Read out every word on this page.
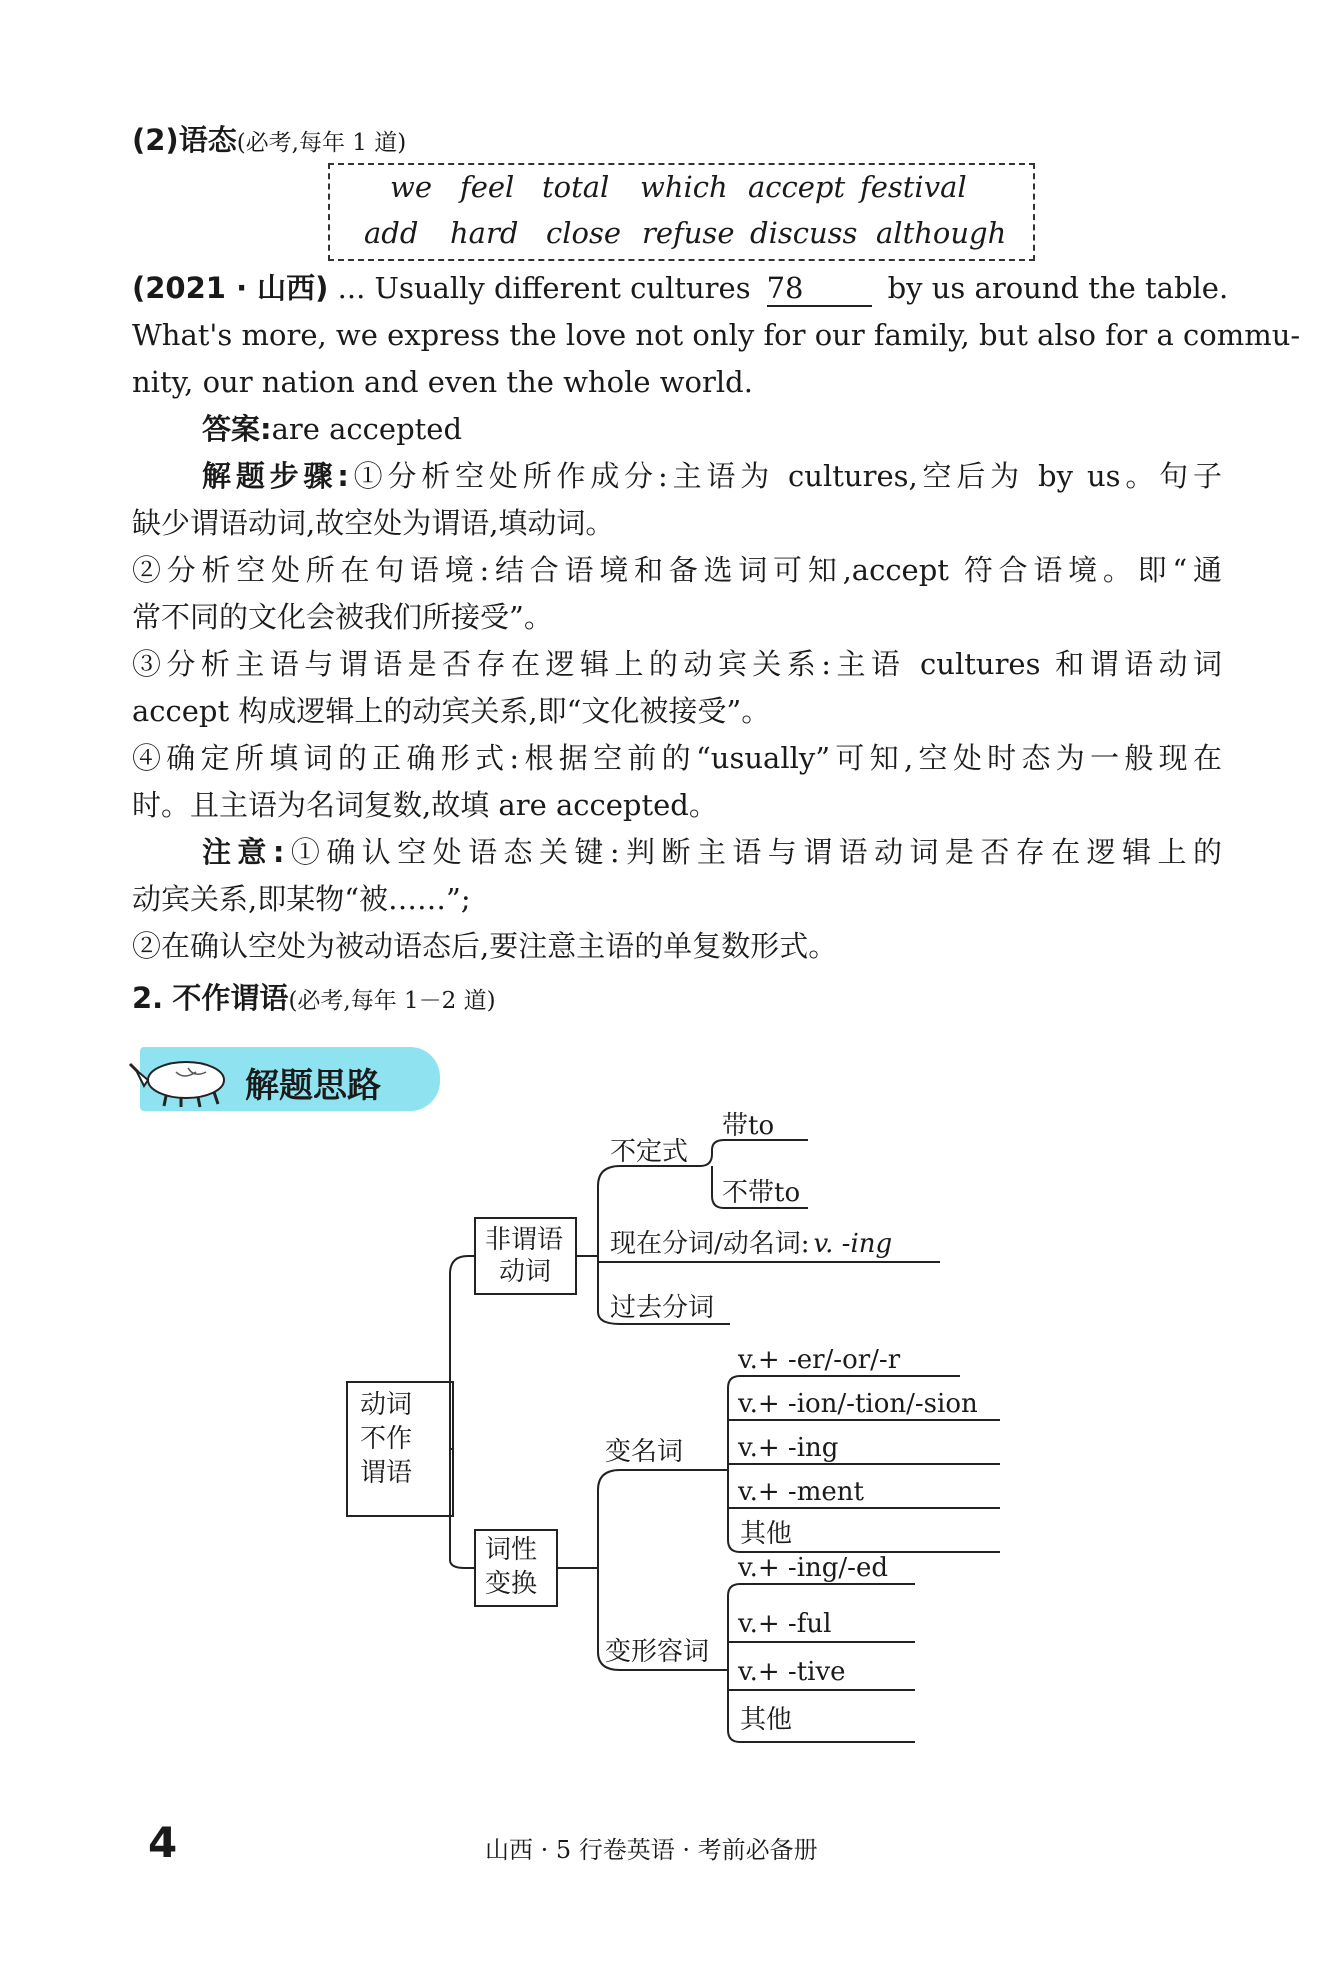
(2)语态(必考,每年 1 道)
we feel total which accept festival
add hard close refuse discuss although
(2021 · 山西) ... Usually different cultures 78	by us around the table.
What's more, we express the love not only for our family, but also for a commu-
nity, our nation and even the whole world.
答案:are accepted
解题步骤:①分析空处所作成分:主语为 cultures,空后为 by us。句子
缺少谓语动词,故空处为谓语,填动词。
②分析空处所在句语境:结合语境和备选词可知,accept 符合语境。即“通
常不同的文化会被我们所接受”。
③分析主语与谓语是否存在逻辑上的动宾关系:主语 cultures 和谓语动词
accept 构成逻辑上的动宾关系,即“文化被接受”。
④确定所填词的正确形式:根据空前的“usually”可知,空处时态为一般现在
时。且主语为名词复数,故填 are accepted。
注意:①确认空处语态关键:判断主语与谓语动词是否存在逻辑上的
动宾关系,即某物“被……”;
②在确认空处为被动语态后,要注意主语的单复数形式。
2. 不作谓语(必考,每年 1－2 道)
解题思路
动词
不作
谓语
非谓语
动词
词性
变换
不定式
带to
不带to
现在分词/动名词: v. -ing
过去分词
变名词
变形容词
v.+ -er/-or/-r
v.+ -ion/-tion/-sion
v.+ -ing
v.+ -ment
其他
v.+ -ing/-ed
v.+ -ful
v.+ -tive
其他
4	山西 · 5 行卷英语 · 考前必备册
